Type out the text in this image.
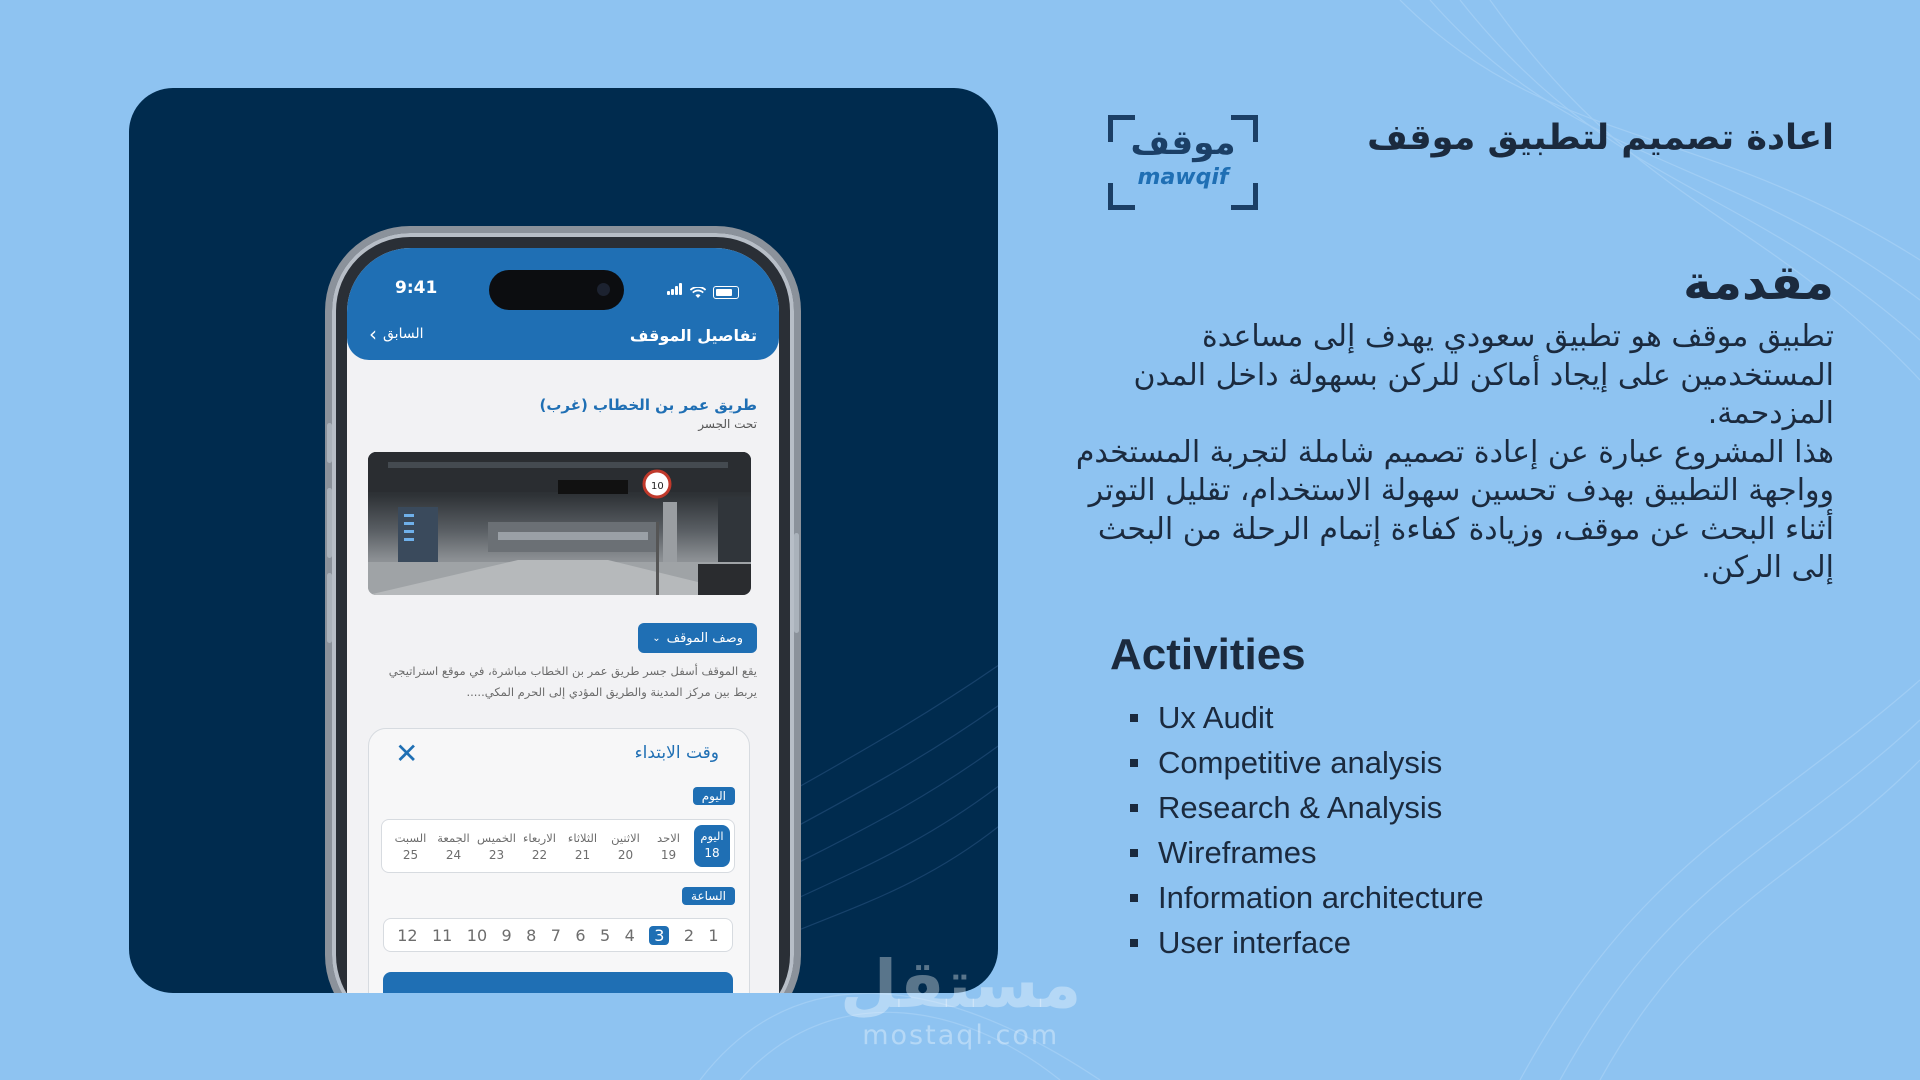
9:41
تفاصيل الموقف
‹ السابق
طريق عمر بن الخطاب (غرب)
تحت الجسر
10
وصف الموقف
⌄
يقع الموقف أسفل جسر طريق عمر بن الخطاب مباشرة، في موقع استراتيجي يربط بين مركز المدينة والطريق المؤدي إلى الحرم المكي.....
وقت الابتداء
✕
اليوم
اليوم
18
الاحد
19
الاثنين
20
الثلاثاء
21
الاربعاء
22
الخميس
23
الجمعة
24
السبت
25
الساعة
1
2
3
4
5
6
7
8
9
10
11
12
موقف
mawqif
اعادة تصميم لتطبيق موقف
مقدمة
تطبيق موقف هو تطبيق سعودي يهدف إلى مساعدة المستخدمين على إيجاد أماكن للركن بسهولة داخل المدن المزدحمة.
هذا المشروع عبارة عن إعادة تصميم شاملة لتجربة المستخدم وواجهة التطبيق بهدف تحسين سهولة الاستخدام، تقليل التوتر أثناء البحث عن موقف، وزيادة كفاءة إتمام الرحلة من البحث إلى الركن.
Activities
Ux Audit
Competitive analysis
Research & Analysis
Wireframes
Information architecture
User interface
مستقل
mostaql.com
